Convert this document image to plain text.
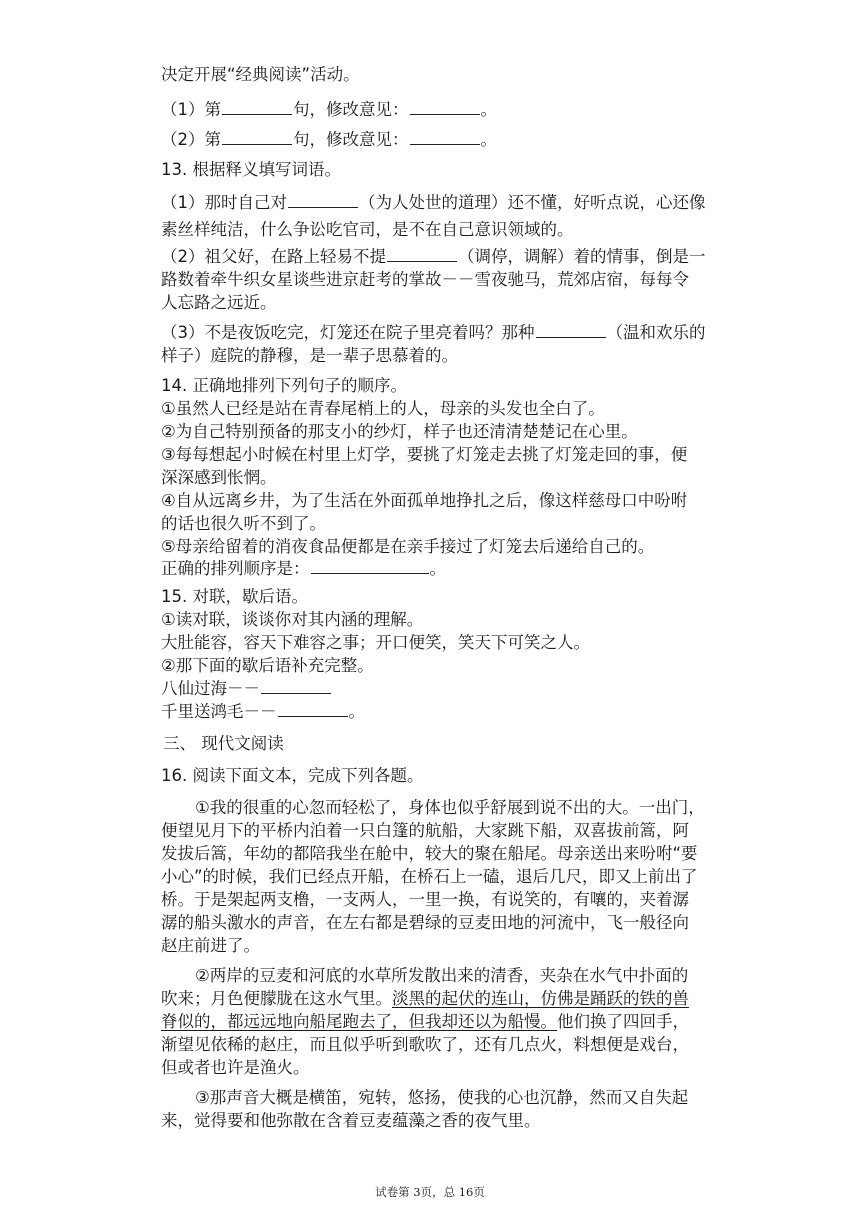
决定开展“经典阅读”活动。
（1）第	句，修改意见：	。
（2）第	句，修改意见：	。
13. 根据释义填写词语。
（1）那时自己对	（为人处世的道理）还不懂，好听点说，心还像
素丝样纯洁，什么争讼吃官司，是不在自己意识领域的。
（2）祖父好，在路上轻易不提	（调停，调解）着的情事，倒是一
路数着牵牛织女星谈些进京赶考的掌故－－雪夜驰马，荒郊店宿，每每令
人忘路之远近。
（3）不是夜饭吃完，灯笼还在院子里亮着吗？那种	（温和欢乐的
样子）庭院的静穆，是一辈子思慕着的。
14. 正确地排列下列句子的顺序。
①虽然人已经是站在青春尾梢上的人，母亲的头发也全白了。
②为自己特别预备的那支小的纱灯，样子也还清清楚楚记在心里。
③每每想起小时候在村里上灯学，要挑了灯笼走去挑了灯笼走回的事，便
深深感到怅惘。
④自从远离乡井，为了生活在外面孤单地挣扎之后，像这样慈母口中吩咐
的话也很久听不到了。
⑤母亲给留着的消夜食品便都是在亲手接过了灯笼去后递给自己的。
正确的排列顺序是：	。
15. 对联，歇后语。
①读对联，谈谈你对其内涵的理解。
大肚能容，容天下难容之事；开口便笑，笑天下可笑之人。
②那下面的歇后语补充完整。
八仙过海－－
千里送鸿毛－－	。
三、 现代文阅读
16. 阅读下面文本，完成下列各题。
①我的很重的心忽而轻松了，身体也似乎舒展到说不出的大。一出门，
便望见月下的平桥内泊着一只白篷的航船，大家跳下船，双喜拔前篙，阿
发拔后篙，年幼的都陪我坐在舱中，较大的聚在船尾。母亲送出来吩咐“要
小心”的时候，我们已经点开船，在桥石上一磕，退后几尺，即又上前出了
桥。于是架起两支橹，一支两人，一里一换，有说笑的，有嚷的，夹着潺
潺的船头激水的声音，在左右都是碧绿的豆麦田地的河流中，飞一般径向
赵庄前进了。
②两岸的豆麦和河底的水草所发散出来的清香，夹杂在水气中扑面的
吹来；月色便朦胧在这水气里。淡黑的起伏的连山，仿佛是踊跃的铁的兽
脊似的，都远远地向船尾跑去了，但我却还以为船慢。他们换了四回手，
渐望见依稀的赵庄，而且似乎听到歌吹了，还有几点火，料想便是戏台，
但或者也许是渔火。
③那声音大概是横笛，宛转，悠扬，使我的心也沉静，然而又自失起
来，觉得要和他弥散在含着豆麦蕴藻之香的夜气里。
试卷第 3页，总 16页
